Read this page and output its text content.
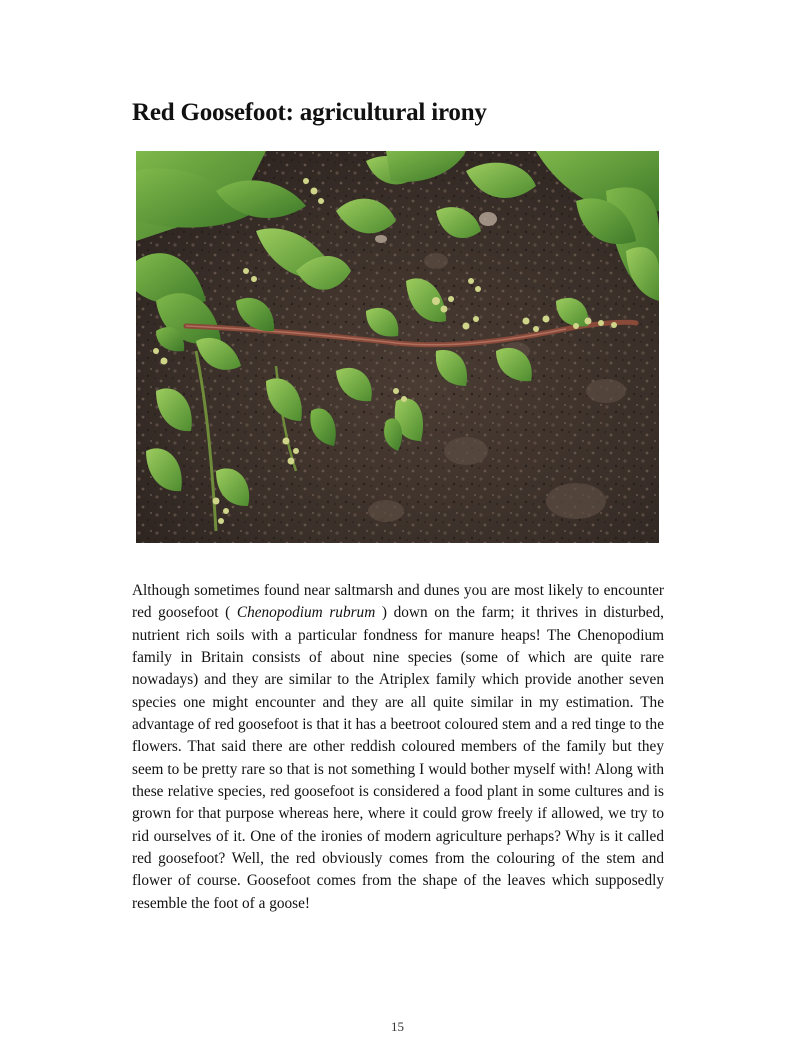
Red Goosefoot: agricultural irony

Although sometimes found near saltmarsh and dunes you are most likely to encounter red goosefoot ( Chenopodium rubrum ) down on the farm; it thrives in disturbed, nutrient rich soils with a particular fondness for manure heaps! The Chenopodium family in Britain consists of about nine species (some of which are quite rare nowadays) and they are similar to the Atriplex family which provide another seven species one might encounter and they are all quite similar in my estimation. The advantage of red goosefoot is that it has a beetroot coloured stem and a red tinge to the flowers. That said there are other reddish coloured members of the family but they seem to be pretty rare so that is not something I would bother myself with! Along with these relative species, red goosefoot is considered a food plant in some cultures and is grown for that purpose whereas here, where it could grow freely if allowed, we try to rid ourselves of it. One of the ironies of modern agriculture perhaps? Why is it called red goosefoot? Well, the red obviously comes from the colouring of the stem and flower of course. Goosefoot comes from the shape of the leaves which supposedly resemble the foot of a goose!

15
